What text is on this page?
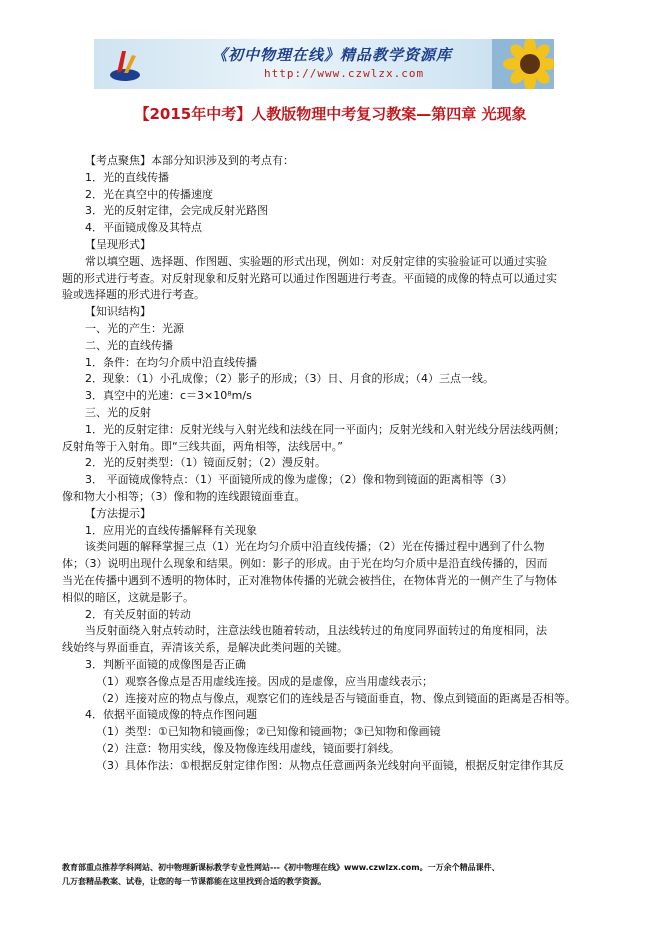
《初中物理在线》精品教学资源库
http://www.czwlzx.com
【2015年中考】人教版物理中考复习教案—第四章 光现象

【考点聚焦】本部分知识涉及到的考点有：

1．光的直线传播

2．光在真空中的传播速度

3．光的反射定律，会完成反射光路图

4．平面镜成像及其特点

【呈现形式】

常以填空题、选择题、作图题、实验题的形式出现，例如：对反射定律的实验验证可以通过实验

题的形式进行考查。对反射现象和反射光路可以通过作图题进行考查。平面镜的成像的特点可以通过实

验或选择题的形式进行考查。

【知识结构】

一、光的产生：光源

二、光的直线传播

1．条件：在均匀介质中沿直线传播

2．现象：（1）小孔成像；（2）影子的形成；（3）日、月食的形成；（4）三点一线。

3．真空中的光速：c＝3×10⁸m/s

三、光的反射

1．光的反射定律：反射光线与入射光线和法线在同一平面内；反射光线和入射光线分居法线两侧；

反射角等于入射角。即“三线共面，两角相等，法线居中。”

2．光的反射类型：（1）镜面反射；（2）漫反射。

3． 平面镜成像特点：（1）平面镜所成的像为虚像；（2）像和物到镜面的距离相等（3）

像和物大小相等；（3）像和物的连线跟镜面垂直。

【方法提示】

1．应用光的直线传播解释有关现象

该类问题的解释掌握三点（1）光在均匀介质中沿直线传播；（2）光在传播过程中遇到了什么物

体；（3）说明出现什么现象和结果。例如：影子的形成。由于光在均匀介质中是沿直线传播的，因而

当光在传播中遇到不透明的物体时，正对准物体传播的光就会被挡住，在物体背光的一侧产生了与物体

相似的暗区，这就是影子。

2．有关反射面的转动

当反射面绕入射点转动时，注意法线也随着转动，且法线转过的角度同界面转过的角度相同，法

线始终与界面垂直，弄清该关系，是解决此类问题的关键。

3．判断平面镜的成像图是否正确

（1）观察各像点是否用虚线连接。因成的是虚像，应当用虚线表示；

（2）连接对应的物点与像点，观察它们的连线是否与镜面垂直，物、像点到镜面的距离是否相等。

4．依据平面镜成像的特点作图问题

（1）类型：①已知物和镜画像；②已知像和镜画物；③已知物和像画镜

（2）注意：物用实线，像及物像连线用虚线，镜面要打斜线。

（3）具体作法：①根据反射定律作图：从物点任意画两条光线射向平面镜，根据反射定律作其反

教育部重点推荐学科网站、初中物理新课标教学专业性网站---《初中物理在线》www.czwlzx.com。一万余个精品课件、

几万套精品教案、试卷，让您的每一节课都能在这里找到合适的教学资源。
